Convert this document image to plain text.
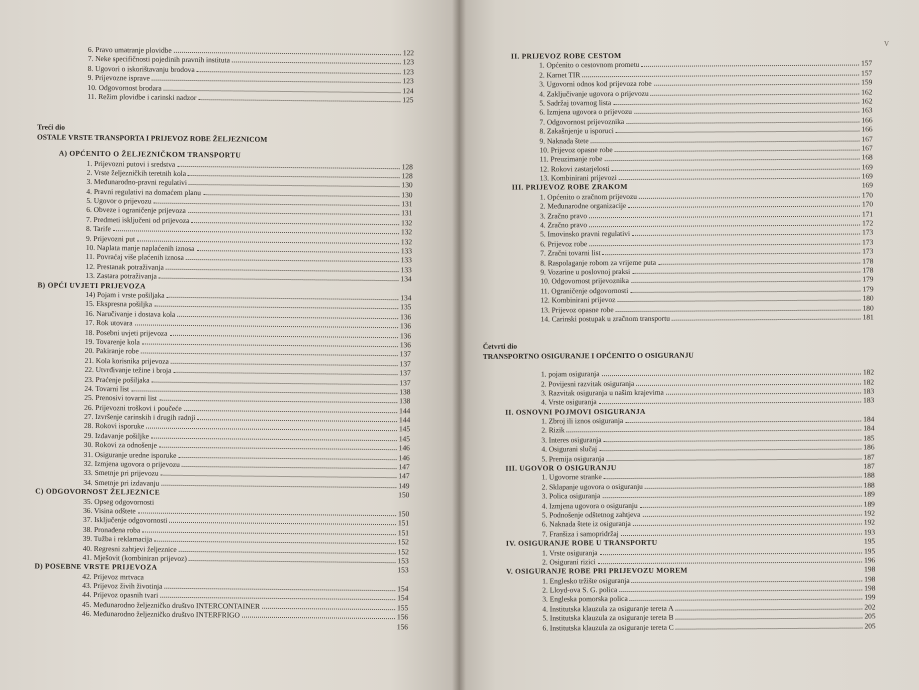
6. Pravo umatranje plovidbe	122
7. Neke specifičnosti pojedinih pravnih instituta	123
8. Ugovori o iskorištavanju brodova	123
9. Prijevozne isprave	123
10. Odgovornost brodara	124
11. Režim plovidbe i carinski nadzor	125
Treći dio
OSTALE VRSTE TRANSPORTA I PRIJEVOZ ROBE ŽELJEZNICOM
A) OPĆENITO O ŽELJEZNIČKOM TRANSPORTU
1. Prijevozni putovi i sredstva	128
2. Vrste željezničkih teretnih kola	128
3. Međunarodno-pravni regulativi	130
4. Pravni regulativi na domaćem planu	130
5. Ugovor o prijevozu	131
6. Obveze i ograničenje prijevoza	131
7. Predmeti isključeni od prijevoza	132
8. Tarife	132
9. Prijevozni put	132
10. Naplata manje naplaćenih iznosa	133
11. Povraćaj više plaćenih iznosa	133
12. Prestanak potraživanja	133
13. Zastara potraživanja	134
B) OPĆI UVJETI PRIJEVOZA
14) Pojam i vrste pošiljaka	134
15. Ekspresna pošiljka	135
16. Naručivanje i dostava kola	136
17. Rok utovara	136
18. Posebni uvjeti prijevoza	136
19. Tovarenje kola	136
20. Pakiranje robe	137
21. Kola korisnika prijevoza	137
22. Utvrđivanje težine i broja	137
23. Praćenje pošiljaka	137
24. Tovarni list	138
25. Prenosivi tovarni list	138
26. Prijevozni troškovi i poučeće	144
27. Izvršenje carinskih i drugih radnji	144
28. Rokovi isporuke	145
29. Izdavanje pošiljke	145
30. Rokovi za odnošenje	146
31. Osiguranje uredne isporuke	146
32. Izmjena ugovora o prijevozu	147
33. Smetnje pri prijevozu	147
34. Smetnje pri izdavanju	149
C) ODGOVORNOST ŽELJEZNICE	150
35. Opseg odgovornosti
36. Visina odštete	150
37. Isključenje odgovornosti	151
38. Pronađena roba	151
39. Tužba i reklamacija	152
40. Regresni zahtjevi željeznice	152
41. Mješovit (kombiniran prijevoz)	153
D) POSEBNE VRSTE PRIJEVOZA	153
42. Prijevoz mrtvaca
43. Prijevoz živih životinja	154
44. Prijevoz opasnih tvari	154
45. Međunarodno željezničko društvo INTERCONTAINER	155
46. Međunarodno željezničko društvo INTERFRIGO	156
156
V
II. PRIJEVOZ ROBE CESTOM
1. Općenito o cestovnom prometu	157
2. Karnet TIR	157
3. Ugovorni odnos kod prijevoza robe	159
4. Zaključivanje ugovora o prijevozu	162
5. Sadržaj tovarnog lista	162
6. Izmjena ugovora o prijevozu	163
7. Odgovornost prijevoznika	166
8. Zakašnjenje u isporuci	166
9. Naknada štete	167
10. Prijevoz opasne robe	167
11. Preuzimanje robe	168
12. Rokovi zastarjelosti	169
13. Kombinirani prijevozi	169
III. PRIJEVOZ ROBE ZRAKOM	169
1. Općenito o zračnom prijevozu	170
2. Međunarodne organizacije	170
3. Zračno pravo	171
4. Zračno pravo	172
5. Imovinsko pravni regulativi	173
6. Prijevoz robe	173
7. Zračni tovarni list	173
8. Raspolaganje robom za vrijeme puta	178
9. Vozarine u poslovnoj praksi	178
10. Odgovornost prijevoznika	179
11. Ograničenje odgovornosti	179
12. Kombinirani prijevoz	180
13. Prijevoz opasne robe	180
14. Carinski postupak u zračnom transportu	181
Četvrti dio
TRANSPORTNO OSIGURANJE I OPĆENITO O OSIGURANJU
1. pojam osiguranja	182
2. Povijesni razvitak osiguranja	182
3. Razvitak osiguranja u našim krajevima	183
4. Vrste osiguranja	183
II. OSNOVNI POJMOVI OSIGURANJA
1. Zbroj ili iznos osiguranja	184
2. Rizik	184
3. Interes osiguranja	185
4. Osigurani slučaj	186
5. Premija osiguranja	187
III. UGOVOR O OSIGURANJU	187
1. Ugovorne stranke	188
2. Sklapanje ugovora o osiguranju	188
3. Polica osiguranja	189
4. Izmjena ugovora o osiguranju	189
5. Podnošenje odštetnog zahtjeva	192
6. Naknada štete iz osiguranja	192
7. Franšiza i samopridržaj	193
IV. OSIGURANJE ROBE U TRANSPORTU	195
1. Vrste osiguranja	195
2. Osigurani rizici	196
V. OSIGURANJE ROBE PRI PRIJEVOZU MOREM	198
1. Englesko tržište osiguranja	198
2. Lloyd-ova S. G. polica	198
3. Engleska pomorska polica	199
4. Institutska klauzula za osiguranje tereta A	202
5. Institutska klauzula za osiguranje tereta B	205
6. Institutska klauzula za osiguranje tereta C	205
